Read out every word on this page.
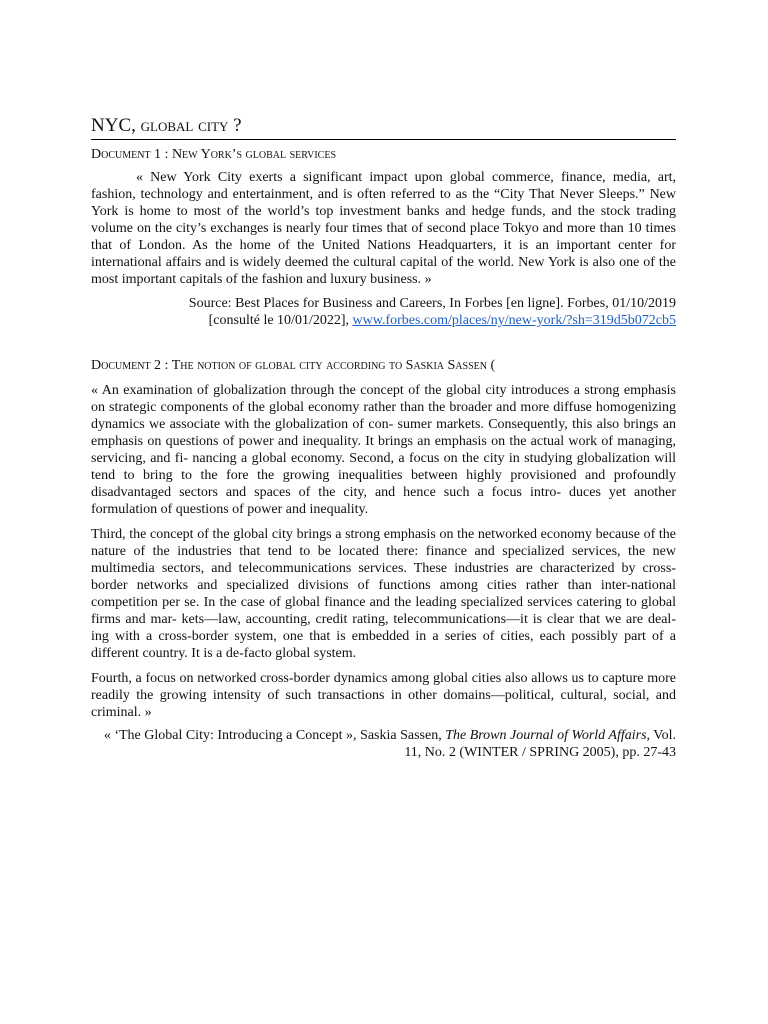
NYC, global city ?
Document 1 : New York’s global services

« New York City exerts a significant impact upon global commerce, finance, media, art, fashion, technology and entertainment, and is often referred to as the “City That Never Sleeps.” New York is home to most of the world’s top investment banks and hedge funds, and the stock trading volume on the city’s exchanges is nearly four times that of second place Tokyo and more than 10 times that of London. As the home of the United Nations Headquarters, it is an important center for international affairs and is widely deemed the cultural capital of the world. New York is also one of the most important capitals of the fashion and luxury business. »

Source: Best Places for Business and Careers, In Forbes [en ligne]. Forbes, 01/10/2019
[consulté le 10/01/2022], www.forbes.com/places/ny/new-york/?sh=319d5b072cb5

Document 2 : The notion of global city according to Saskia Sassen (

« An examination of globalization through the concept of the global city introduces a strong emphasis on strategic components of the global economy rather than the broader and more diffuse homogenizing dynamics we associate with the globalization of con- sumer markets. Consequently, this also brings an emphasis on questions of power and inequality. It brings an emphasis on the actual work of managing, servicing, and fi- nancing a global economy. Second, a focus on the city in studying globalization will tend to bring to the fore the growing inequalities between highly provisioned and profoundly disadvantaged sectors and spaces of the city, and hence such a focus intro- duces yet another formulation of questions of power and inequality.

Third, the concept of the global city brings a strong emphasis on the networked economy because of the nature of the industries that tend to be located there: finance and specialized services, the new multimedia sectors, and telecommunications services. These industries are characterized by cross-border networks and specialized divisions of functions among cities rather than inter-national competition per se. In the case of global finance and the leading specialized services catering to global firms and mar- kets—law, accounting, credit rating, telecommunications—it is clear that we are deal- ing with a cross-border system, one that is embedded in a series of cities, each possibly part of a different country. It is a de-facto global system.

Fourth, a focus on networked cross-border dynamics among global cities also allows us to capture more readily the growing intensity of such transactions in other domains—political, cultural, social, and criminal. »

« ‘The Global City: Introducing a Concept », Saskia Sassen, The Brown Journal of World Affairs, Vol. 11, No. 2 (WINTER / SPRING 2005), pp. 27-43
